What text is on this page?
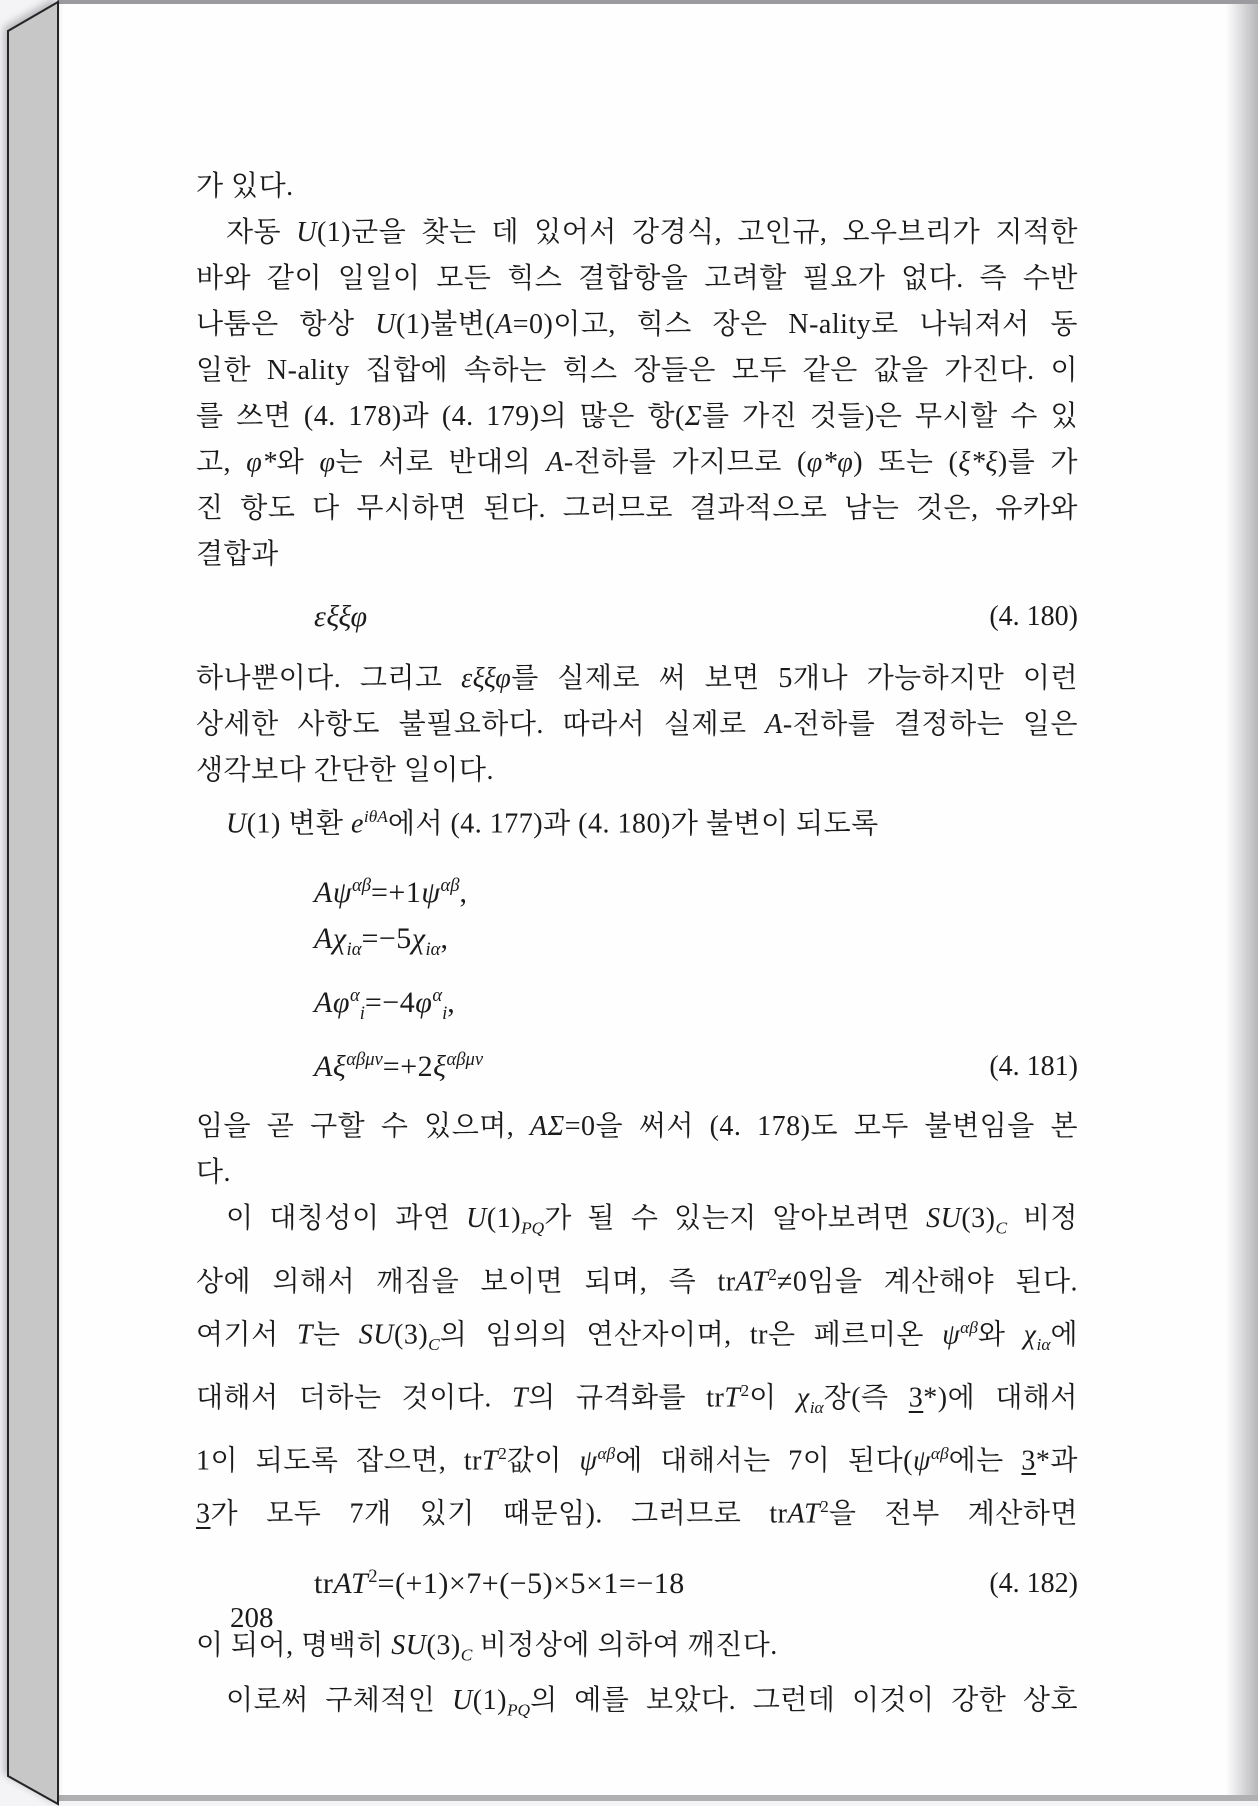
가 있다.
자동 U(1)군을 찾는 데 있어서 강경식, 고인규, 오우브리가 지적한
바와 같이 일일이 모든 힉스 결합항을 고려할 필요가 없다. 즉 수반
나툼은 항상 U(1)불변(A=0)이고, 힉스 장은 N-ality로 나눠져서 동
일한 N-ality 집합에 속하는 힉스 장들은 모두 같은 값을 가진다. 이
를 쓰면 (4. 178)과 (4. 179)의 많은 항(Σ를 가진 것들)은 무시할 수 있
고, φ*와 φ는 서로 반대의 A-전하를 가지므로 (φ*φ) 또는 (ξ*ξ)를 가
진 항도 다 무시하면 된다. 그러므로 결과적으로 남는 것은, 유카와
결합과
εξξφ	(4. 180)
하나뿐이다. 그리고 εξξφ를 실제로 써 보면 5개나 가능하지만 이런
상세한 사항도 불필요하다. 따라서 실제로 A-전하를 결정하는 일은
생각보다 간단한 일이다.
U(1) 변환 $e^{i\theta A}$에서 (4. 177)과 (4. 180)가 불변이 되도록
$A\psi^{\alpha\beta}=+1\psi^{\alpha\beta}$,
$A\chi_{i\alpha}=-5\chi_{i\alpha}$,
$A\varphi^\alpha_i=-4\varphi^\alpha_i$,
$A\xi^{\alpha\beta\mu\nu}=+2\xi^{\alpha\beta\mu\nu}$	(4. 181)
임을 곧 구할 수 있으며, AΣ=0을 써서 (4. 178)도 모두 불변임을 본
다.
이 대칭성이 과연 $U(1)_{PQ}$가 될 수 있는지 알아보려면 $SU(3)_C$ 비정
상에 의해서 깨짐을 보이면 되며, 즉 trAT$^2$≠0임을 계산해야 된다.
여기서 T는 $SU(3)_C$의 임의의 연산자이며, tr은 페르미온 $\psi^{\alpha\beta}$와 $\chi_{i\alpha}$에
대해서 더하는 것이다. T의 규격화를 trT$^2$이 $\chi_{i\alpha}$장(즉 3*)에 대해서
1이 되도록 잡으면, trT$^2$값이 $\psi^{\alpha\beta}$에 대해서는 7이 된다($\psi^{\alpha\beta}$에는 3*과
3가 모두 7개 있기 때문임). 그러므로 trAT$^2$을 전부 계산하면
trAT$^2$=(+1)×7+(−5)×5×1=−18	(4. 182)
이 되어, 명백히 $SU(3)_C$ 비정상에 의하여 깨진다.
이로써 구체적인 $U(1)_{PQ}$의 예를 보았다. 그런데 이것이 강한 상호
208
